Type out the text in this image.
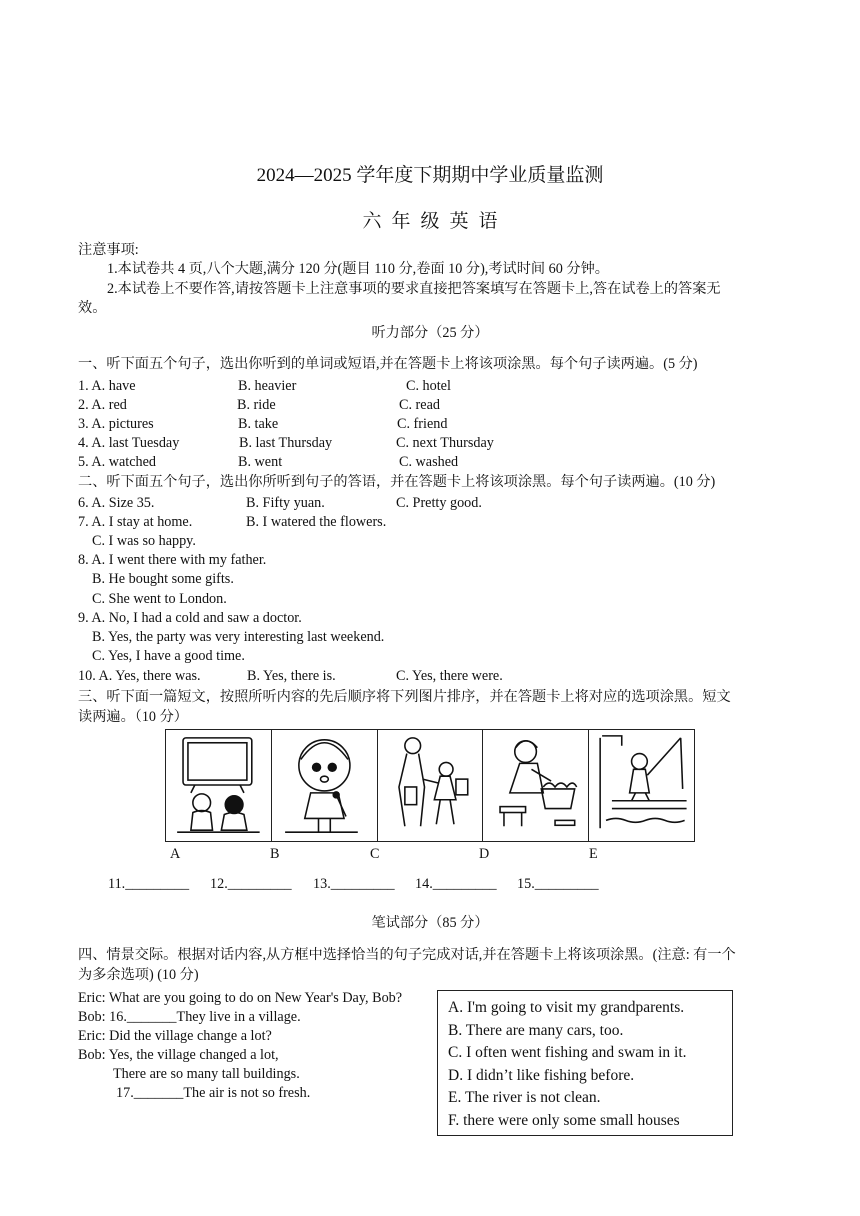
2024—2025 学年度下期期中学业质量监测
六年级英语
注意事项:
1.本试卷共 4 页,八个大题,满分 120 分(题目 110 分,卷面 10 分),考试时间 60 分钟。
2.本试卷上不要作答,请按答题卡上注意事项的要求直接把答案填写在答题卡上,答在试卷上的答案无
效。
听力部分（25 分）
一、听下面五个句子，选出你听到的单词或短语,并在答题卡上将该项涂黑。每个句子读两遍。(5 分)
1. A. have	B. heavier	C. hotel
2. A. red	B. ride	C. read
3. A. pictures	B. take	C. friend
4. A. last Tuesday	B. last Thursday	C. next Thursday
5. A. watched	B. went	C. washed
二、听下面五个句子，选出你所听到句子的答语，并在答题卡上将该项涂黑。每个句子读两遍。(10 分)
6. A. Size 35.	B. Fifty yuan.	C. Pretty good.
7. A. I stay at home.	B. I watered the flowers.
C. I was so happy.
8. A. I went there with my father.
B. He bought some gifts.
C. She went to London.
9. A. No, I had a cold and saw a doctor.
B. Yes, the party was very interesting last weekend.
C. Yes, I have a good time.
10. A. Yes, there was.	B. Yes, there is.	C. Yes, there were.
三、听下面一篇短文，按照所听内容的先后顺序将下列图片排序，并在答题卡上将对应的选项涂黑。短文
读两遍。（10 分）
A	B	C	D	E
11._________ 12._________ 13._________ 14._________ 15._________
笔试部分（85 分）
四、情景交际。根据对话内容,从方框中选择恰当的句子完成对话,并在答题卡上将该项涂黑。(注意: 有一个
为多余选项) (10 分)
Eric: What are you going to do on New Year's Day, Bob?
Bob: 16._______They live in a village.
Eric: Did the village change a lot?
Bob: Yes, the village changed a lot,
There are so many tall buildings.
17._______The air is not so fresh.
A. I'm going to visit my grandparents.
B. There are many cars, too.
C. I often went fishing and swam in it.
D. I didn’t like fishing before.
E. The river is not clean.
F. there were only some small houses
